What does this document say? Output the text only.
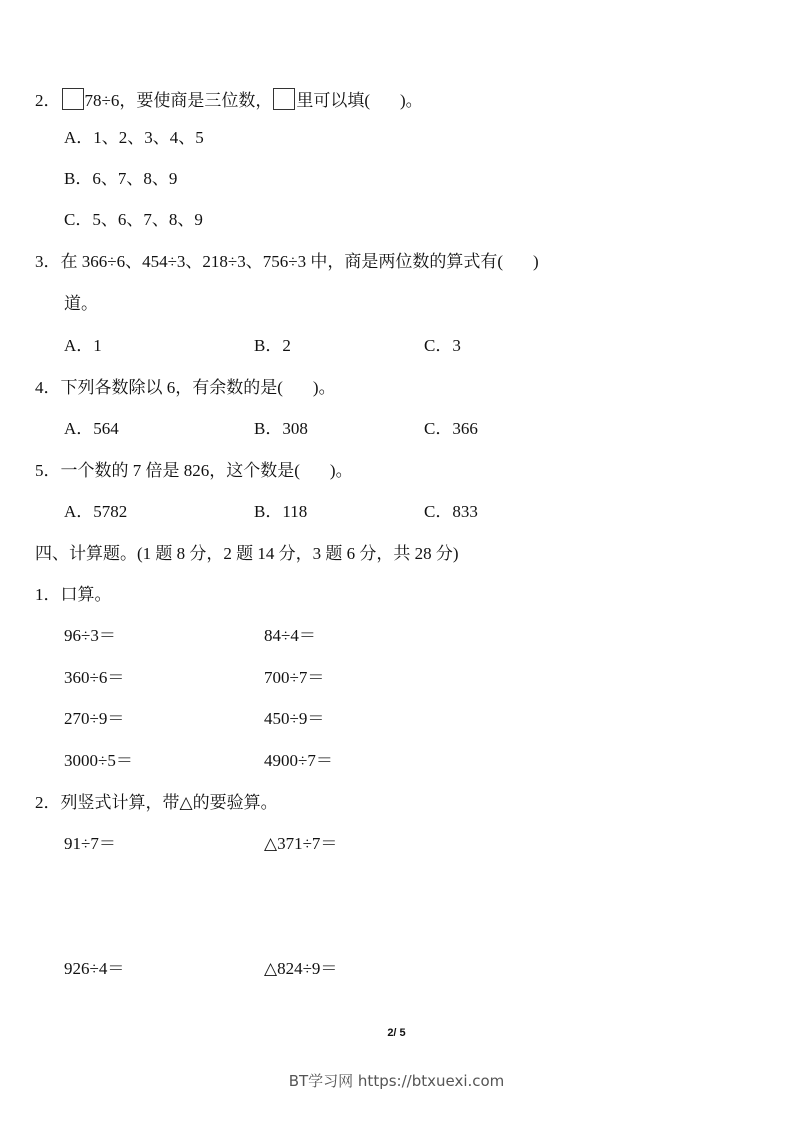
2． 78÷6，要使商是三位数， 里可以填( )。
A．1、2、3、4、5
B．6、7、8、9
C．5、6、7、8、9
3．在 366÷6、454÷3、218÷3、756÷3 中，商是两位数的算式有( )
道。
A．1	B．2	C．3
4．下列各数除以 6，有余数的是( )。
A．564	B．308	C．366
5．一个数的 7 倍是 826，这个数是( )。
A．5782	B．118	C．833
四、计算题。(1 题 8 分，2 题 14 分，3 题 6 分，共 28 分)
1．口算。
96÷3＝	84÷4＝
360÷6＝	700÷7＝
270÷9＝	450÷9＝
3000÷5＝	4900÷7＝
2．列竖式计算，带△的要验算。
91÷7＝	△371÷7＝
926÷4＝	△824÷9＝
2/ 5
BT学习网 https://btxuexi.com
